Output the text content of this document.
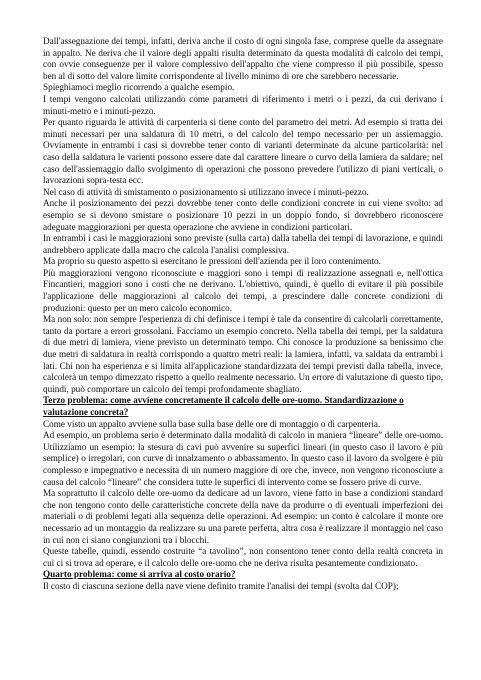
Dall'assegnazione dei tempi, infatti, deriva anche il costo di ogni singola fase, comprese quelle da assegnare in appalto. Ne deriva che il valore degli appalti risulta determinato da questa modalità di calcolo dei tempi, con ovvie conseguenze per il valore complessivo dell'appalto che viene compresso il più possibile, spesso ben al di sotto del valore limite corrispondente al livello minimo di ore che sarebbero necessarie.

Spieghiamoci meglio ricorrendo a qualche esempio.

I tempi vengono calcolati utilizzando come parametri di riferimento i metri o i pezzi, da cui derivano i minuti-metro e i minuti-pezzo.

Per quanto riguarda le attività di carpenteria si tiene conto del parametro dei metri. Ad esempio si tratta dei minuti necessari per una saldatura di 10 metri, o del calcolo del tempo necessario per un assiemaggio. Ovviamente in entrambi i casi si dovrebbe tener conto di varianti determinate da alcune particolarità: nel caso della saldatura le varienti possono essere date dal carattere lineare o curvo della lamiera da saldare; nel caso dell'assiemaggio dallo svolgimento di operazioni che possono prevedere l'utilizzo di piani verticali, o lavorazioni sopra-testa ecc.

Nel caso di attività di smistamento o posizionamento si utilizzano invece i minuti-pezzo.

Anche il posizionamento dei pezzi dovrebbe tener conto delle condizioni concrete in cui viene svolto: ad esempio se si devono smistare o posizionare 10 pezzi in un doppio fondo, si dovrebbero riconoscere adeguate maggiorazioni per questa operazione che avviene in condizioni particolari.

In entrambi i casi le maggiorazioni sono previste (sulla carta) dalla tabella dei tempi di lavorazione, e quindi andrebbero applicate dalla macro che calcola l'analisi complessiva.

Ma proprio su questo aspetto si esercitano le pressioni dell'azienda per il loro contenimento.

Più maggiorazioni vengono riconosciute e maggiori sono i tempi di realizzazione assegnati e, nell'ottica Fincantieri, maggiori sono i costi che ne derivano. L'obiettivo, quindi, è quello di evitare il più possibile l'applicazione delle maggiorazioni al calcolo dei tempi, a prescindere dalle concrete condizioni di produzioni: questo per un mero calcolo economico.

Ma non solo: non sempre l'esperienza di chi definisce i tempi è tale da consentire di calcolarli correttamente, tanto da portare a errori grossolani. Facciamo un esempio concreto. Nella tabella dei tempi, per la saldatura di due metri di lamiera, viene previsto un determinato tempo. Chi conosce la produzione sa benissimo che due metri di saldatura in realtà corrispondo a quattro metri reali: la lamiera, infatti, va saldata da entrambi i lati. Chi non ha esperienza e si limita all'applicazione standardizzata dei tempi previsti dalla tabella, invece, calcolerà un tempo dimezzato rispetto a quello realmente necessario. Un errore di valutazione di questo tipo, quindi, può comportare un calcolo dei tempi profondamente sbagliato.

Terzo problema: come avviene concretamente il calcolo delle ore-uomo. Standardizzazione o valutazione concreta?

Come visto un appalto avviene sulla base sulla base delle ore di montaggio o di carpenteria.

Ad esempio, un problema serio è determinato dalla modalità di calcolo in maniera “lineare” delle ore-uomo. Utilizziamo un esempio: la stesura di cavi può avvenire su superfici lineari (in questo caso il lavoro è più semplice) o irregolari, con curve di innalzamento o abbassamento. In questo caso il lavoro da svolgere è più complesso e impegnativo e necessita di un numero maggiore di ore che, invece, non vengono riconosciute a causa del calcolo “lineare” che considera tutte le superfici di intervento come se fossero prive di curve.

Ma soprattutto il calcolo delle ore-uomo da dedicare ad un lavoro, viene fatto in base a condizioni standard che non tengono conto delle caratteristiche concrete della nave da produrre o di eventuali imperfezioni dei materiali o di problemi legati alla sequenza delle operazioni. Ad esempio: un conto è calcolare il monte ore necessario ad un montaggio da realizzare su una parete perfetta, altra cosa è realizzare il montaggio nel caso in cui non ci siano congiunzioni tra i blocchi.

Queste tabelle, quindi, essendo costruite “a tavolino”, non consentono tener conto della realtà concreta in cui ci si trova ad operare, e il calcolo delle ore-uomo che ne deriva risulta pesantemente condizionato.

Quarto problema: come si arriva al costo orario?

Il costo di ciascuna sezione della nave viene definito tramite l'analisi dei tempi (svolta dal COP);
